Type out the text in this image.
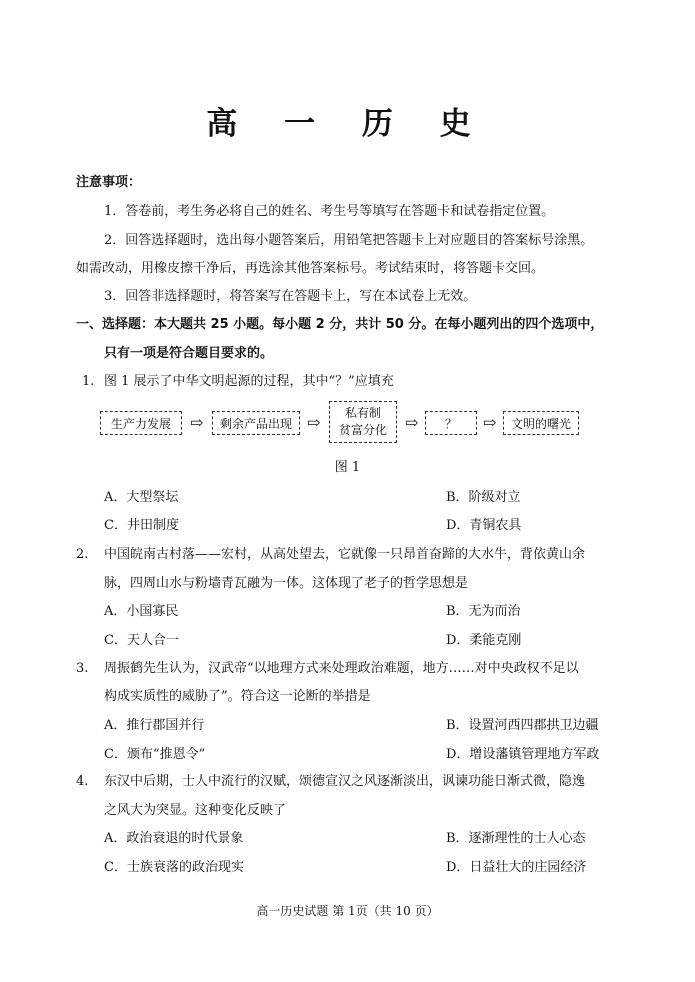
高 一 历 史
注意事项：
1．答卷前，考生务必将自己的姓名、考生号等填写在答题卡和试卷指定位置。
2．回答选择题时，选出每小题答案后，用铅笔把答题卡上对应题目的答案标号涂黑。
如需改动，用橡皮擦干净后，再选涂其他答案标号。考试结束时，将答题卡交回。
3．回答非选择题时，将答案写在答题卡上，写在本试卷上无效。
一、选择题：本大题共 25 小题。每小题 2 分，共计 50 分。在每小题列出的四个选项中，
只有一项是符合题目要求的。
1. 图 1 展示了中华文明起源的过程，其中“？”应填充
生产力发展	⇨	剩余产品出现 ⇨ 私有制
贫富分化 ⇨	？	⇨	文明的曙光
图 1
A．大型祭坛	B．阶级对立
C．井田制度	D．青铜农具
2. 中国皖南古村落——宏村，从高处望去，它就像一只昂首奋蹄的大水牛，背依黄山余
脉，四周山水与粉墙青瓦融为一体。这体现了老子的哲学思想是
A．小国寡民	B．无为而治
C．天人合一	D．柔能克刚
3. 周振鹤先生认为，汉武帝“以地理方式来处理政治难题，地方……对中央政权不足以
构成实质性的威胁了”。符合这一论断的举措是
A．推行郡国并行	B．设置河西四郡拱卫边疆
C．颁布“推恩令”	D．增设藩镇管理地方军政
4. 东汉中后期，士人中流行的汉赋，颂德宣汉之风逐渐淡出，讽谏功能日渐式微，隐逸
之风大为突显。这种变化反映了
A．政治衰退的时代景象	B．逐渐理性的士人心态
C．士族衰落的政治现实	D．日益壮大的庄园经济
高一历史试题 第 1页（共 10 页）
